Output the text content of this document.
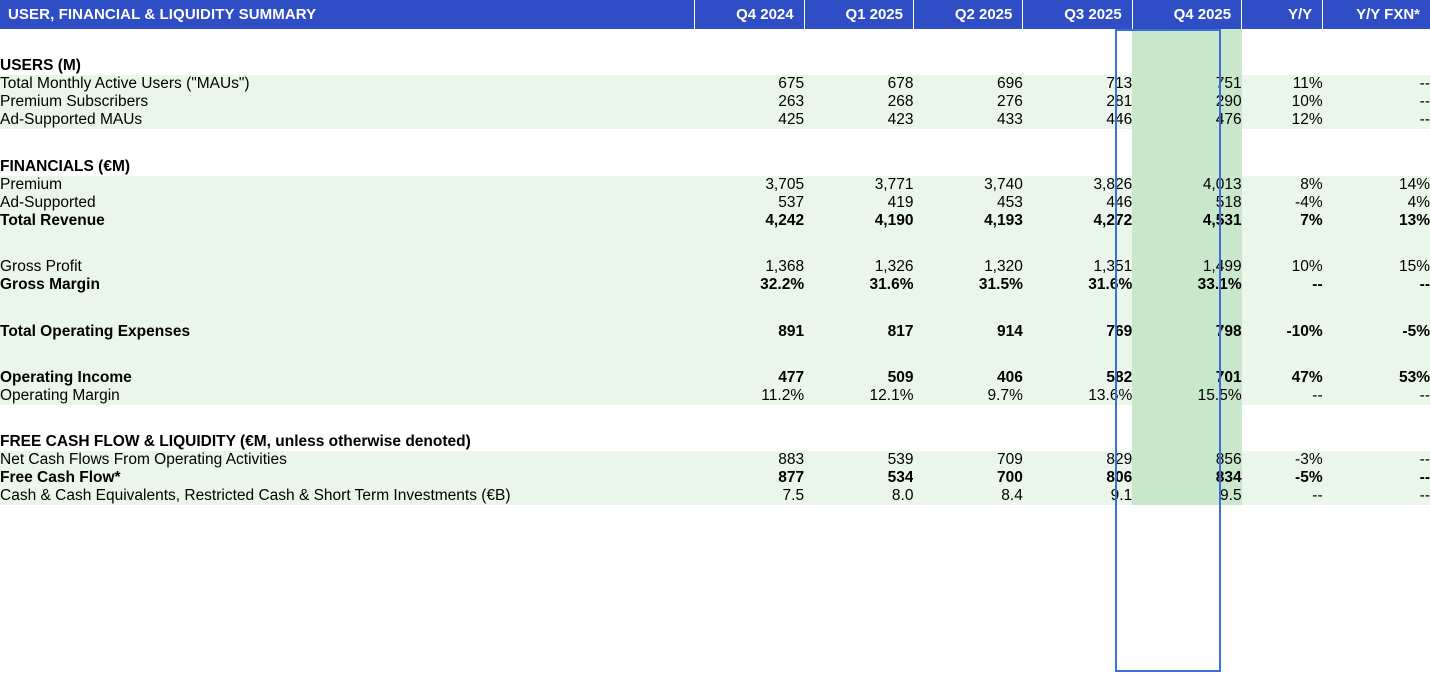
USER, FINANCIAL & LIQUIDITY SUMMARY	Q4 2024	Q1 2025	Q2 2025	Q3 2025	Q4 2025	Y/Y	Y/Y FXN*

USERS (M)							
Total Monthly Active Users ("MAUs")	675	678	696	713	751	11%	--
Premium Subscribers	263	268	276	281	290	10%	--
Ad-Supported MAUs	425	423	433	446	476	12%	--

FINANCIALS (€M)							
Premium	3,705	3,771	3,740	3,826	4,013	8%	14%
Ad-Supported	537	419	453	446	518	-4%	4%
Total Revenue	4,242	4,190	4,193	4,272	4,531	7%	13%

Gross Profit	1,368	1,326	1,320	1,351	1,499	10%	15%
Gross Margin	32.2%	31.6%	31.5%	31.6%	33.1%	--	--

Total Operating Expenses	891	817	914	769	798	-10%	-5%

Operating Income	477	509	406	582	701	47%	53%
Operating Margin	11.2%	12.1%	9.7%	13.6%	15.5%	--	--

FREE CASH FLOW & LIQUIDITY (€M, unless otherwise denoted)							
Net Cash Flows From Operating Activities	883	539	709	829	856	-3%	--
Free Cash Flow*	877	534	700	806	834	-5%	--
Cash & Cash Equivalents, Restricted Cash & Short Term Investments (€B)	7.5	8.0	8.4	9.1	9.5	--	--
